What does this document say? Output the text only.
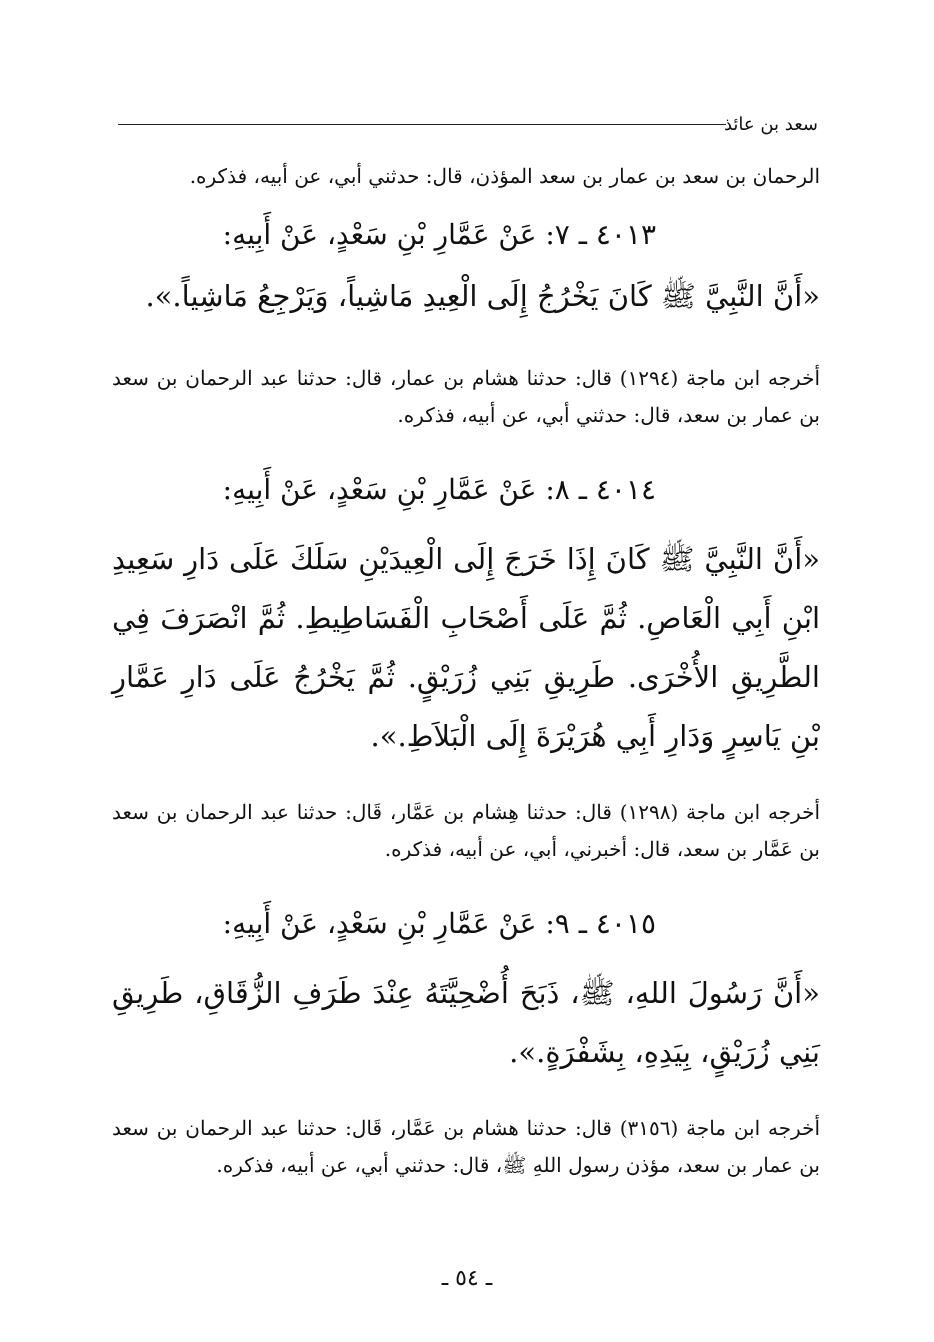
سعد بن عائذ

الرحمان بن سعد بن عمار بن سعد المؤذن، قال: حدثني أبي، عن أبيه، فذكره.

٤٠١٣ ـ ٧: عَنْ عَمَّارِ بْنِ سَعْدٍ، عَنْ أَبِيهِ:

«أَنَّ النَّبِيَّ ﷺ كَانَ يَخْرُجُ إِلَى الْعِيدِ مَاشِياً، وَيَرْجِعُ مَاشِياً.».

أخرجه ابن ماجة (١٢٩٤) قال: حدثنا هشام بن عمار، قال: حدثنا عبد الرحمان بن سعد بن عمار بن سعد، قال: حدثني أبي، عن أبيه، فذكره.

٤٠١٤ ـ ٨: عَنْ عَمَّارِ بْنِ سَعْدٍ، عَنْ أَبِيهِ:

«أَنَّ النَّبِيَّ ﷺ كَانَ إِذَا خَرَجَ إِلَى الْعِيدَيْنِ سَلَكَ عَلَى دَارِ سَعِيدِ ابْنِ أَبِي الْعَاصِ. ثُمَّ عَلَى أَصْحَابِ الْفَسَاطِيطِ. ثُمَّ انْصَرَفَ فِي الطَّرِيقِ الأُخْرَى. طَرِيقِ بَنِي زُرَيْقٍ. ثُمَّ يَخْرُجُ عَلَى دَارِ عَمَّارِ بْنِ يَاسِرٍ وَدَارِ أَبِي هُرَيْرَةَ إِلَى الْبَلاَطِ.».

أخرجه ابن ماجة (١٢٩٨) قال: حدثنا هِشام بن عَمَّار، قَال: حدثنا عبد الرحمان بن سعد بن عَمَّار بن سعد، قال: أخبرني، أبي، عن أبيه، فذكره.

٤٠١٥ ـ ٩: عَنْ عَمَّارِ بْنِ سَعْدٍ، عَنْ أَبِيهِ:

«أَنَّ رَسُولَ اللهِ، ﷺ، ذَبَحَ أُضْحِيَّتَهُ عِنْدَ طَرَفِ الزُّقَاقِ، طَرِيقِ بَنِي زُرَيْقٍ، بِيَدِهِ، بِشَفْرَةٍ.».

أخرجه ابن ماجة (٣١٥٦) قال: حدثنا هشام بن عَمَّار، قَال: حدثنا عبد الرحمان بن سعد بن عمار بن سعد، مؤذن رسول اللهِ ﷺ، قال: حدثني أبي، عن أبيه، فذكره.

ـ ٥٤ ـ
